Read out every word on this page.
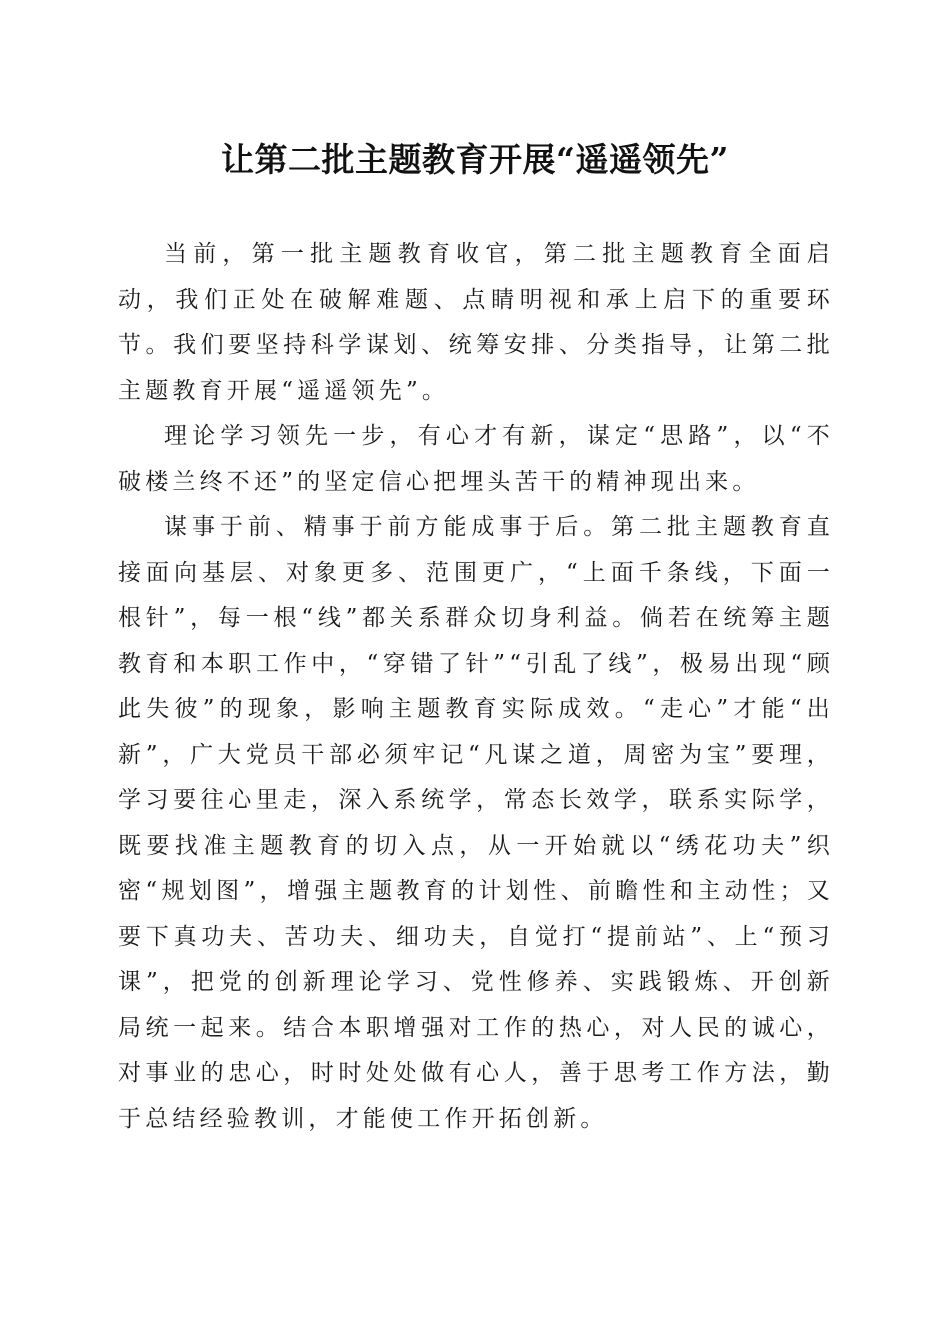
让第二批主题教育开展“遥遥领先”

当前，第一批主题教育收官，第二批主题教育全面启动，我们正处在破解难题、点睛明视和承上启下的重要环节。我们要坚持科学谋划、统筹安排、分类指导，让第二批主题教育开展“遥遥领先”。

理论学习领先一步，有心才有新，谋定“思路”，以“不破楼兰终不还”的坚定信心把埋头苦干的精神现出来。

谋事于前、精事于前方能成事于后。第二批主题教育直接面向基层、对象更多、范围更广，“上面千条线，下面一根针”，每一根“线”都关系群众切身利益。倘若在统筹主题教育和本职工作中，“穿错了针”“引乱了线”，极易出现“顾此失彼”的现象，影响主题教育实际成效。“走心”才能“出新”，广大党员干部必须牢记“凡谋之道，周密为宝”要理，学习要往心里走，深入系统学，常态长效学，联系实际学，既要找准主题教育的切入点，从一开始就以“绣花功夫”织密“规划图”，增强主题教育的计划性、前瞻性和主动性；又要下真功夫、苦功夫、细功夫，自觉打“提前站”、上“预习课”，把党的创新理论学习、党性修养、实践锻炼、开创新局统一起来。结合本职增强对工作的热心，对人民的诚心，对事业的忠心，时时处处做有心人，善于思考工作方法，勤于总结经验教训，才能使工作开拓创新。
